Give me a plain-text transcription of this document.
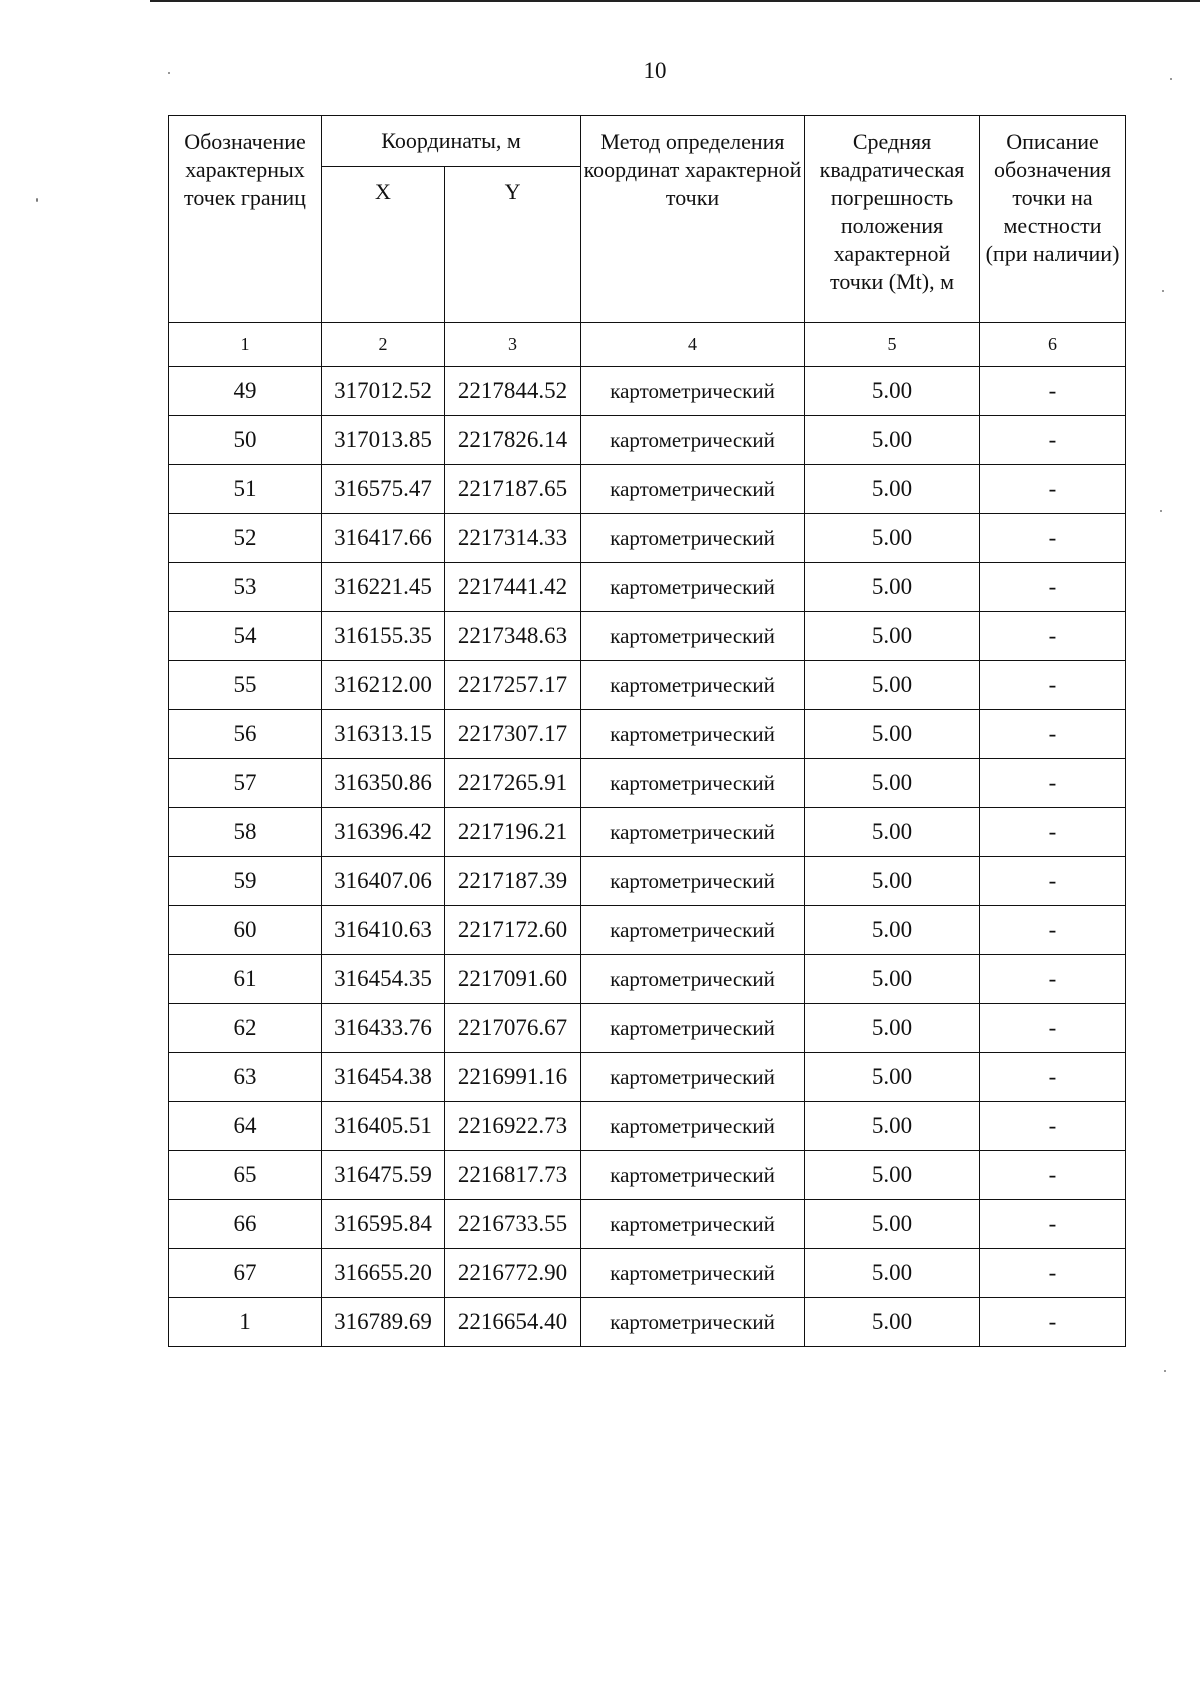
10
Обозначение характерных точек границ	Координаты, м		Метод определения координат характерной точки	Средняя квадратическая погрешность положения характерной точки (Mt), м	Описание обозначения точки на местности (при наличии)
	X	Y			
1	2	3	4	5	6
49	317012.52	2217844.52	картометрический	5.00	-
50	317013.85	2217826.14	картометрический	5.00	-
51	316575.47	2217187.65	картометрический	5.00	-
52	316417.66	2217314.33	картометрический	5.00	-
53	316221.45	2217441.42	картометрический	5.00	-
54	316155.35	2217348.63	картометрический	5.00	-
55	316212.00	2217257.17	картометрический	5.00	-
56	316313.15	2217307.17	картометрический	5.00	-
57	316350.86	2217265.91	картометрический	5.00	-
58	316396.42	2217196.21	картометрический	5.00	-
59	316407.06	2217187.39	картометрический	5.00	-
60	316410.63	2217172.60	картометрический	5.00	-
61	316454.35	2217091.60	картометрический	5.00	-
62	316433.76	2217076.67	картометрический	5.00	-
63	316454.38	2216991.16	картометрический	5.00	-
64	316405.51	2216922.73	картометрический	5.00	-
65	316475.59	2216817.73	картометрический	5.00	-
66	316595.84	2216733.55	картометрический	5.00	-
67	316655.20	2216772.90	картометрический	5.00	-
1	316789.69	2216654.40	картометрический	5.00	-
